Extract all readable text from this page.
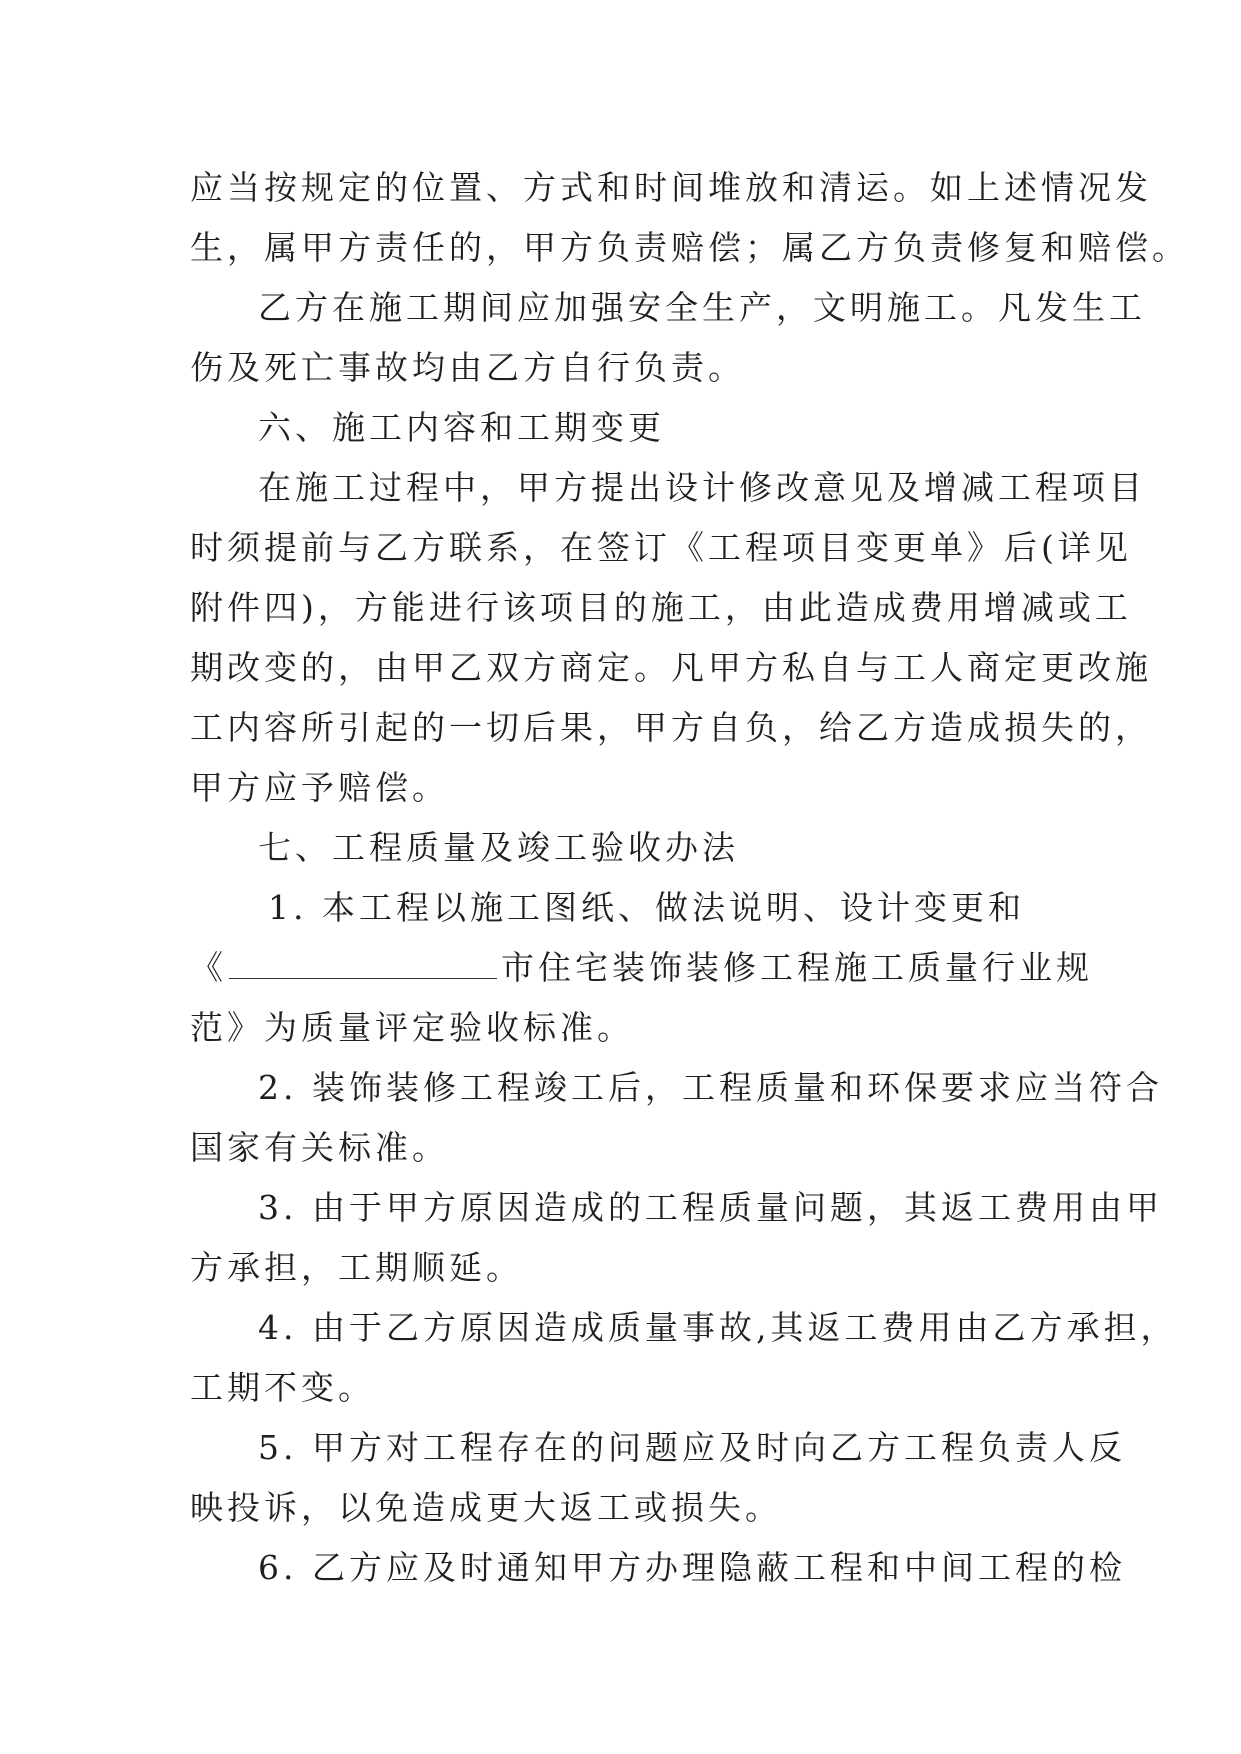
应当按规定的位置、方式和时间堆放和清运。如上述情况发
生，属甲方责任的，甲方负责赔偿；属乙方负责修复和赔偿。
乙方在施工期间应加强安全生产，文明施工。凡发生工
伤及死亡事故均由乙方自行负责。
六、施工内容和工期变更
在施工过程中，甲方提出设计修改意见及增减工程项目
时须提前与乙方联系，在签订《工程项目变更单》后(详见
附件四)，方能进行该项目的施工，由此造成费用增减或工
期改变的，由甲乙双方商定。凡甲方私自与工人商定更改施
工内容所引起的一切后果，甲方自负，给乙方造成损失的，
甲方应予赔偿。
七、工程质量及竣工验收办法
1. 本工程以施工图纸、做法说明、设计变更和
《	市住宅装饰装修工程施工质量行业规
范》为质量评定验收标准。
2. 装饰装修工程竣工后，工程质量和环保要求应当符合
国家有关标准。
3. 由于甲方原因造成的工程质量问题，其返工费用由甲
方承担，工期顺延。
4. 由于乙方原因造成质量事故,其返工费用由乙方承担，
工期不变。
5. 甲方对工程存在的问题应及时向乙方工程负责人反
映投诉，以免造成更大返工或损失。
6. 乙方应及时通知甲方办理隐蔽工程和中间工程的检
